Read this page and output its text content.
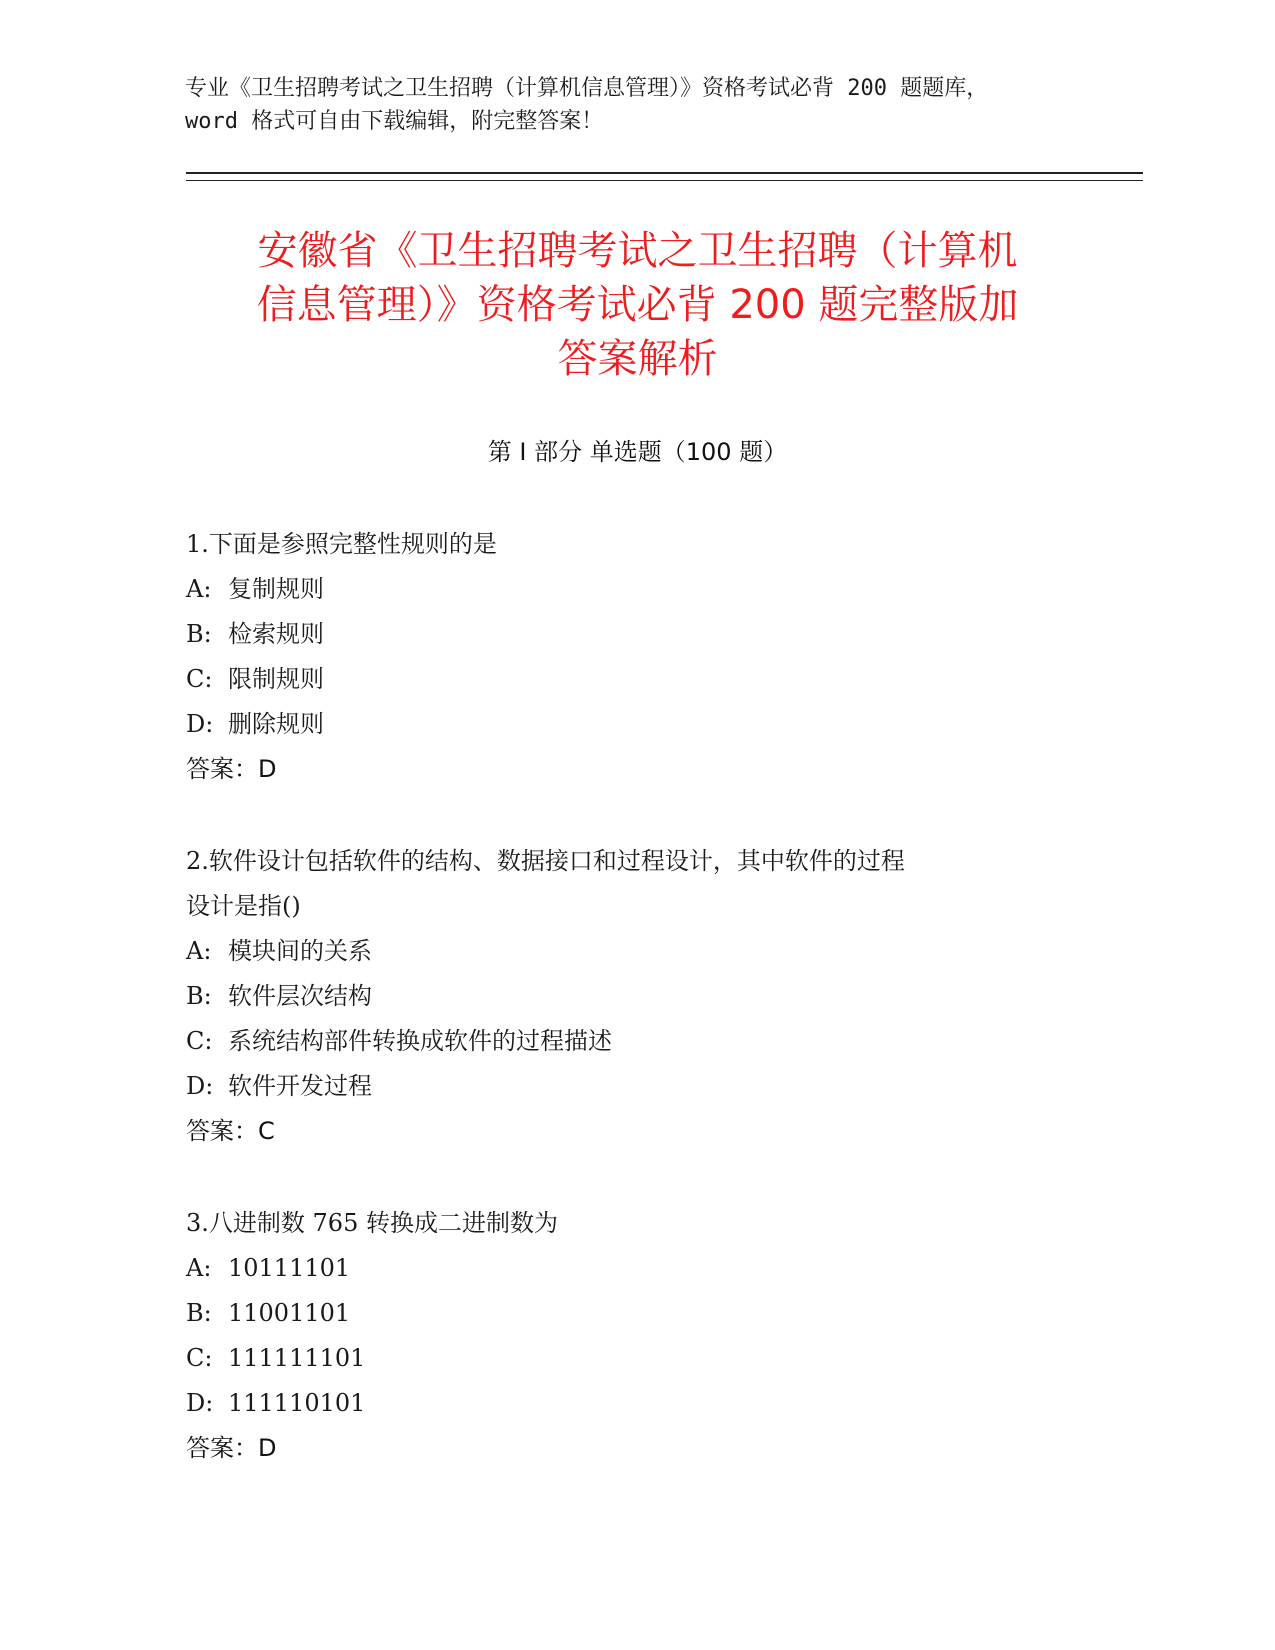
专业《卫生招聘考试之卫生招聘（计算机信息管理）》资格考试必背 200 题题库，
word 格式可自由下载编辑，附完整答案！
安徽省《卫生招聘考试之卫生招聘（计算机
信息管理）》资格考试必背 200 题完整版加
答案解析
第 I 部分 单选题（100 题）
1.下面是参照完整性规则的是
A: 复制规则
B: 检索规则
C: 限制规则
D: 删除规则
答案：D
2.软件设计包括软件的结构、数据接口和过程设计，其中软件的过程
设计是指()
A: 模块间的关系
B: 软件层次结构
C: 系统结构部件转换成软件的过程描述
D: 软件开发过程
答案：C
3.八进制数 765 转换成二进制数为
A: 10111101
B: 11001101
C: 111111101
D: 111110101
答案：D
